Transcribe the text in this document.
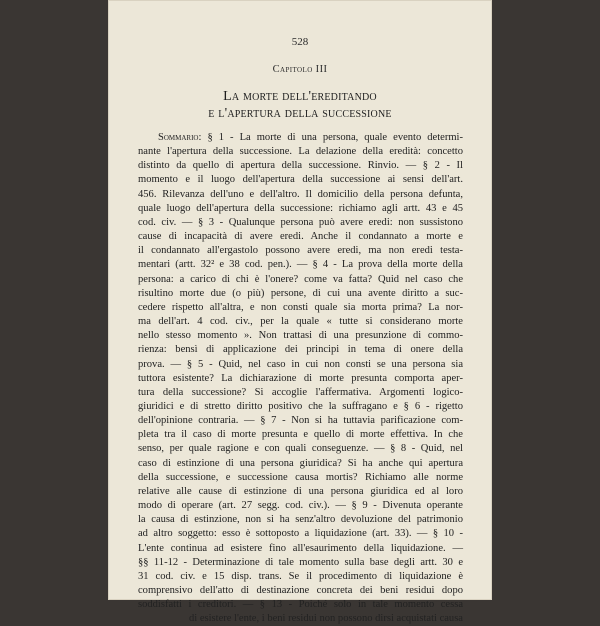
528
Capitolo III
La morte dell'ereditando
e l'apertura della successione
Sommario: § 1 - La morte di una persona, quale evento determi-
nante l'apertura della successione. La delazione della eredità: concetto
distinto da quello di apertura della successione. Rinvio. — § 2 - Il
momento e il luogo dell'apertura della successione ai sensi dell'art.
456. Rilevanza dell'uno e dell'altro. Il domicilio della persona defunta,
quale luogo dell'apertura della successione: richiamo agli artt. 43 e 45
cod. civ. — § 3 - Qualunque persona può avere eredi: non sussistono
cause di incapacità di avere eredi. Anche il condannato a morte e
il condannato all'ergastolo possono avere eredi, ma non eredi testa-
mentari (artt. 32² e 38 cod. pen.). — § 4 - La prova della morte della
persona: a carico di chi è l'onere? come va fatta? Quid nel caso che
risultino morte due (o più) persone, di cui una avente diritto a suc-
cedere rispetto all'altra, e non consti quale sia morta prima? La nor-
ma dell'art. 4 cod. civ., per la quale « tutte si considerano morte
nello stesso momento ». Non trattasi di una presunzione di commo-
rienza: bensì di applicazione dei principi in tema di onere della
prova. — § 5 - Quid, nel caso in cui non consti se una persona sia
tuttora esistente? La dichiarazione di morte presunta comporta aper-
tura della successione? Si accoglie l'affermativa. Argomenti logico-
giuridici e di stretto diritto positivo che la suffragano e § 6 - rigetto
dell'opinione contraria. — § 7 - Non si ha tuttavia parificazione com-
pleta tra il caso di morte presunta e quello di morte effettiva. In che
senso, per quale ragione e con quali conseguenze. — § 8 - Quid, nel
caso di estinzione di una persona giuridica? Si ha anche qui apertura
della successione, e successione causa mortis? Richiamo alle norme
relative alle cause di estinzione di una persona giuridica ed al loro
modo di operare (art. 27 segg. cod. civ.). — § 9 - Divenuta operante
la causa di estinzione, non si ha senz'altro devoluzione del patrimonio
ad altro soggetto: esso è sottoposto a liquidazione (art. 33). — § 10 -
L'ente continua ad esistere fino all'esaurimento della liquidazione. —
§§ 11-12 - Determinazione di tale momento sulla base degli artt. 30 e
31 cod. civ. e 15 disp. trans. Se il procedimento di liquidazione è
comprensivo dell'atto di destinazione concreta dei beni residui dopo
soddisfatti i creditori. — § 13 - Poiché solo in tale momento cessa
di esistere l'ente, i beni residui non possono dirsi acquistati causa
